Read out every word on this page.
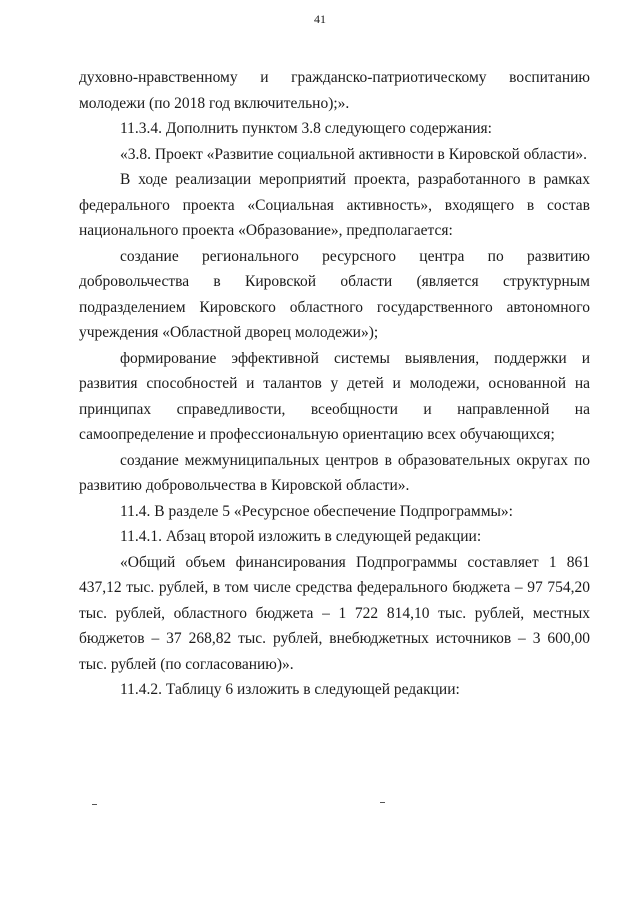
41

духовно-нравственному и гражданско-патриотическому воспитанию молодежи (по 2018 год включительно);».

11.3.4. Дополнить пунктом 3.8 следующего содержания:

«3.8. Проект «Развитие социальной активности в Кировской области».

В ходе реализации мероприятий проекта, разработанного в рамках федерального проекта «Социальная активность», входящего в состав национального проекта «Образование», предполагается:

создание регионального ресурсного центра по развитию добровольчества в Кировской области (является структурным подразделением Кировского областного государственного автономного учреждения «Областной дворец молодежи»);

формирование эффективной системы выявления, поддержки и развития способностей и талантов у детей и молодежи, основанной на принципах справедливости, всеобщности и направленной на самоопределение и профессиональную ориентацию всех обучающихся;

создание межмуниципальных центров в образовательных округах по развитию добровольчества в Кировской области».

11.4. В разделе 5 «Ресурсное обеспечение Подпрограммы»:

11.4.1. Абзац второй изложить в следующей редакции:

«Общий объем финансирования Подпрограммы составляет 1 861 437,12 тыс. рублей, в том числе средства федерального бюджета – 97 754,20 тыс. рублей, областного бюджета – 1 722 814,10 тыс. рублей, местных бюджетов – 37 268,82 тыс. рублей, внебюджетных источников – 3 600,00 тыс. рублей (по согласованию)».

11.4.2. Таблицу 6 изложить в следующей редакции:
